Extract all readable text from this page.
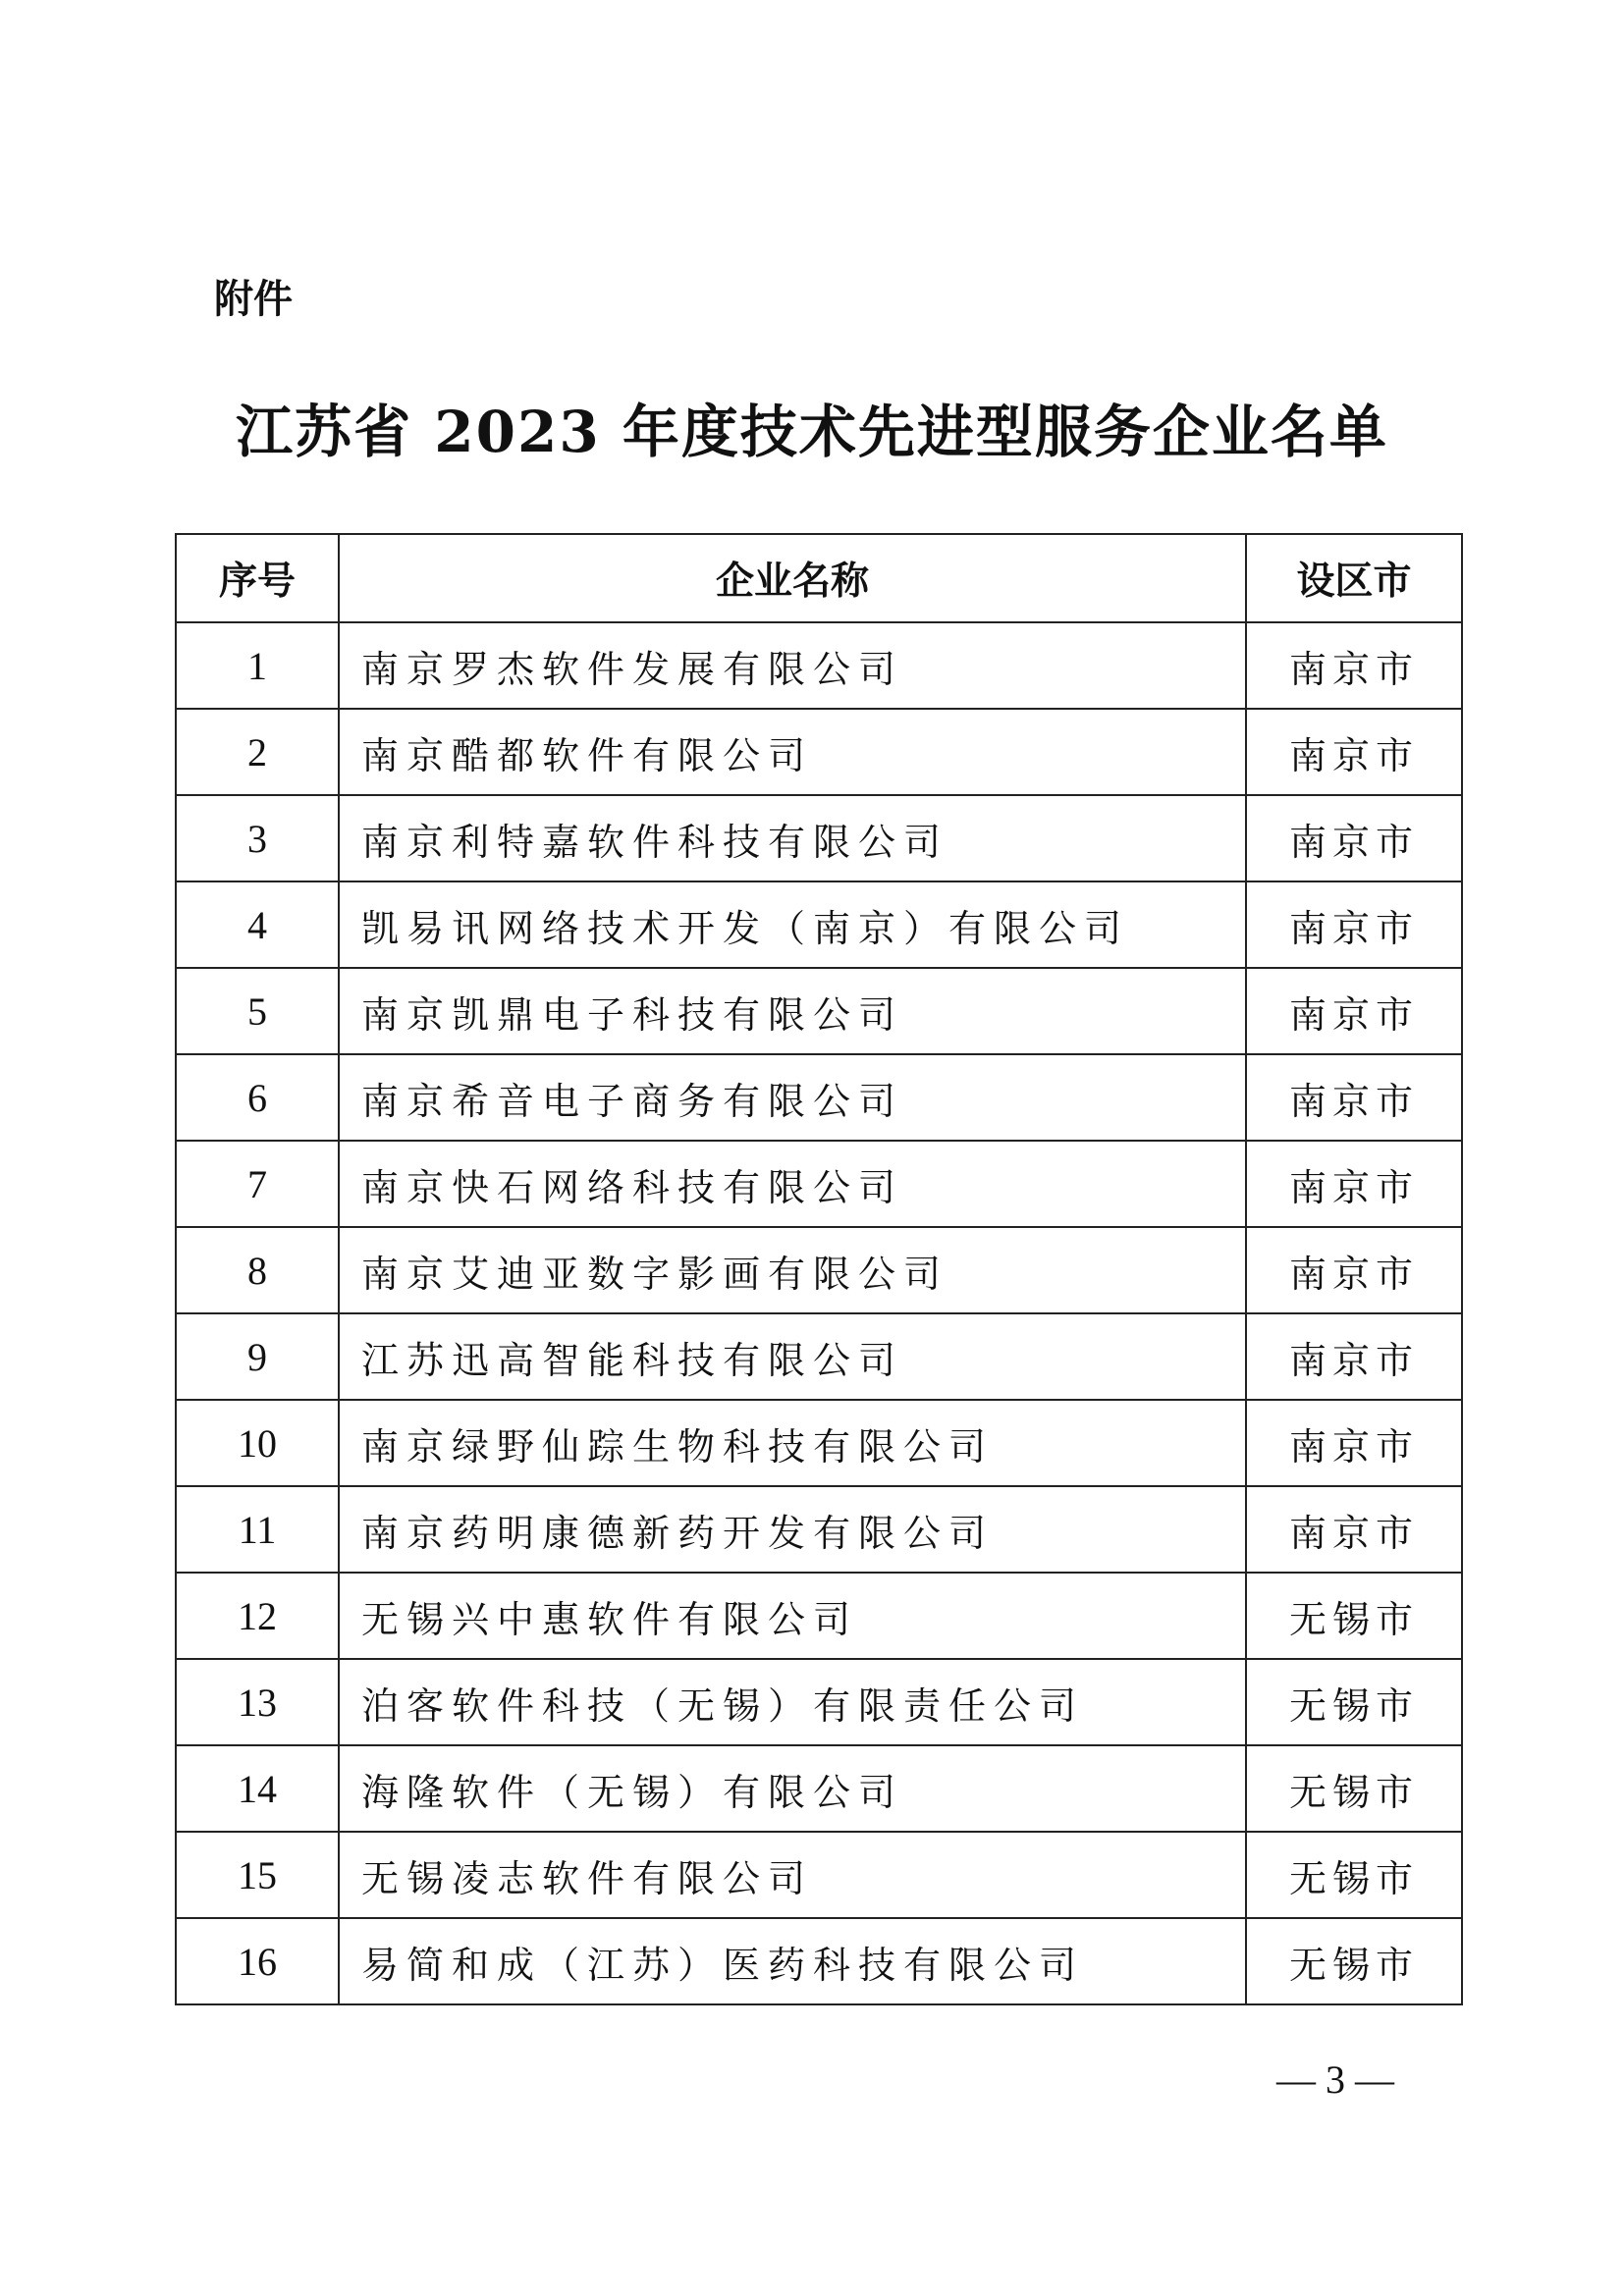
附件
江苏省 2023 年度技术先进型服务企业名单
序号	企业名称	设区市
1	南京罗杰软件发展有限公司	南京市
2	南京酷都软件有限公司	南京市
3	南京利特嘉软件科技有限公司	南京市
4	凯易讯网络技术开发（南京）有限公司	南京市
5	南京凯鼎电子科技有限公司	南京市
6	南京希音电子商务有限公司	南京市
7	南京快石网络科技有限公司	南京市
8	南京艾迪亚数字影画有限公司	南京市
9	江苏迅高智能科技有限公司	南京市
10	南京绿野仙踪生物科技有限公司	南京市
11	南京药明康德新药开发有限公司	南京市
12	无锡兴中惠软件有限公司	无锡市
13	泊客软件科技（无锡）有限责任公司	无锡市
14	海隆软件（无锡）有限公司	无锡市
15	无锡凌志软件有限公司	无锡市
16	易简和成（江苏）医药科技有限公司	无锡市
— 3 —
